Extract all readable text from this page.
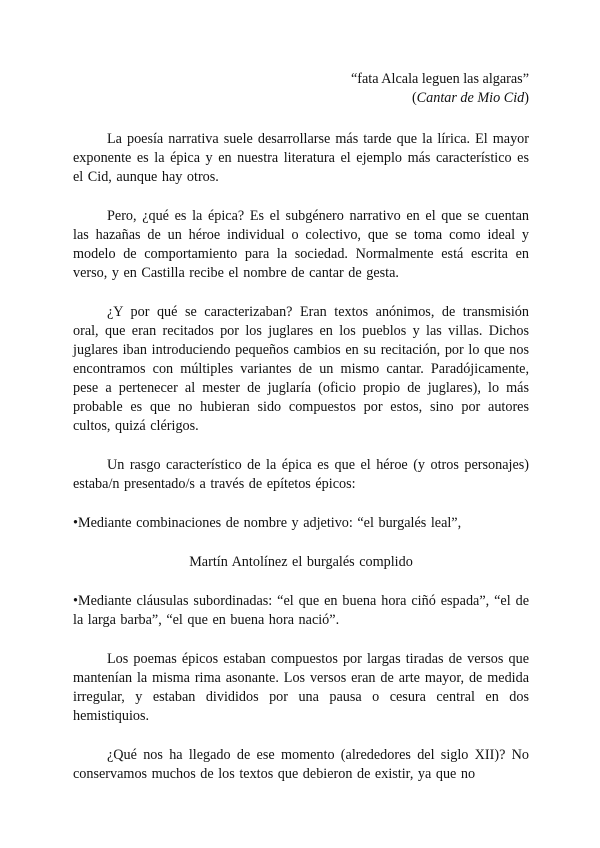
“fata Alcala leguen las algaras”

(Cantar de Mio Cid)

La poesía narrativa suele desarrollarse más tarde que la lírica. El mayor exponente es la épica y en nuestra literatura el ejemplo más característico es el Cid, aunque hay otros.

Pero, ¿qué es la épica? Es el subgénero narrativo en el que se cuentan las hazañas de un héroe individual o colectivo, que se toma como ideal y modelo de comportamiento para la sociedad. Normalmente está escrita en verso, y en Castilla recibe el nombre de cantar de gesta.

¿Y por qué se caracterizaban? Eran textos anónimos, de transmisión oral, que eran recitados por los juglares en los pueblos y las villas. Dichos juglares iban introduciendo pequeños cambios en su recitación, por lo que nos encontramos con múltiples variantes de un mismo cantar. Paradójicamente, pese a pertenecer al mester de juglaría (oficio propio de juglares), lo más probable es que no hubieran sido compuestos por estos, sino por autores cultos, quizá clérigos.

Un rasgo característico de la épica es que el héroe (y otros personajes) estaba/n presentado/s a través de epítetos épicos:

•Mediante combinaciones de nombre y adjetivo: “el burgalés leal”,

Martín Antolínez el burgalés complido

•Mediante cláusulas subordinadas: “el que en buena hora ciñó espada”, “el de la larga barba”, “el que en buena hora nació”.

Los poemas épicos estaban compuestos por largas tiradas de versos que mantenían la misma rima asonante. Los versos eran de arte mayor, de medida irregular, y estaban divididos por una pausa o cesura central en dos hemistiquios.

¿Qué nos ha llegado de ese momento (alrededores del siglo XII)? No conservamos muchos de los textos que debieron de existir, ya que no
